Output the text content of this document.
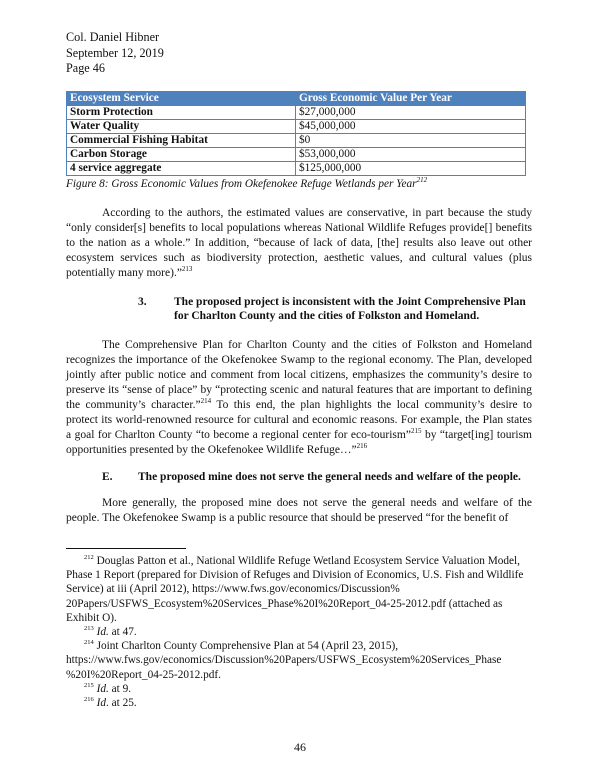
Col. Daniel Hibner
September 12, 2019
Page 46
Ecosystem Service	Gross Economic Value Per Year
Storm Protection	$27,000,000
Water Quality	$45,000,000
Commercial Fishing Habitat	$0
Carbon Storage	$53,000,000
4 service aggregate	$125,000,000
Figure 8: Gross Economic Values from Okefenokee Refuge Wetlands per Year$^{212}$

According to the authors, the estimated values are conservative, in part because the study “only consider[s] benefits to local populations whereas National Wildlife Refuges provide[] benefits to the nation as a whole.” In addition, “because of lack of data, [the] results also leave out other ecosystem services such as biodiversity protection, aesthetic values, and cultural values (plus potentially many more).”$^{213}$

3.	The proposed project is inconsistent with the Joint Comprehensive Plan for Charlton County and the cities of Folkston and Homeland.

The Comprehensive Plan for Charlton County and the cities of Folkston and Homeland recognizes the importance of the Okefenokee Swamp to the regional economy. The Plan, developed jointly after public notice and comment from local citizens, emphasizes the community’s desire to preserve its “sense of place” by “protecting scenic and natural features that are important to defining the community’s character.”$^{214}$ To this end, the plan highlights the local community’s desire to protect its world-renowned resource for cultural and economic reasons. For example, the Plan states a goal for Charlton County “to become a regional center for eco-tourism”$^{215}$ by “target[ing] tourism opportunities presented by the Okefenokee Wildlife Refuge…”$^{216}$

E.	The proposed mine does not serve the general needs and welfare of the people.

More generally, the proposed mine does not serve the general needs and welfare of the people. The Okefenokee Swamp is a public resource that should be preserved “for the benefit of

$^{212}$ Douglas Patton et al., National Wildlife Refuge Wetland Ecosystem Service Valuation Model, Phase 1 Report (prepared for Division of Refuges and Division of Economics, U.S. Fish and Wildlife Service) at iii (April 2012), https://www.fws.gov/economics/Discussion% 20Papers/USFWS_Ecosystem%20Services_Phase%20I%20Report_04-25-2012.pdf (attached as Exhibit O).

$^{213}$ Id. at 47.

$^{214}$ Joint Charlton County Comprehensive Plan at 54 (April 23, 2015), https://www.fws.gov/economics/Discussion%20Papers/USFWS_Ecosystem%20Services_Phase %20I%20Report_04-25-2012.pdf.

$^{215}$ Id. at 9.

$^{216}$ Id. at 25.

46
